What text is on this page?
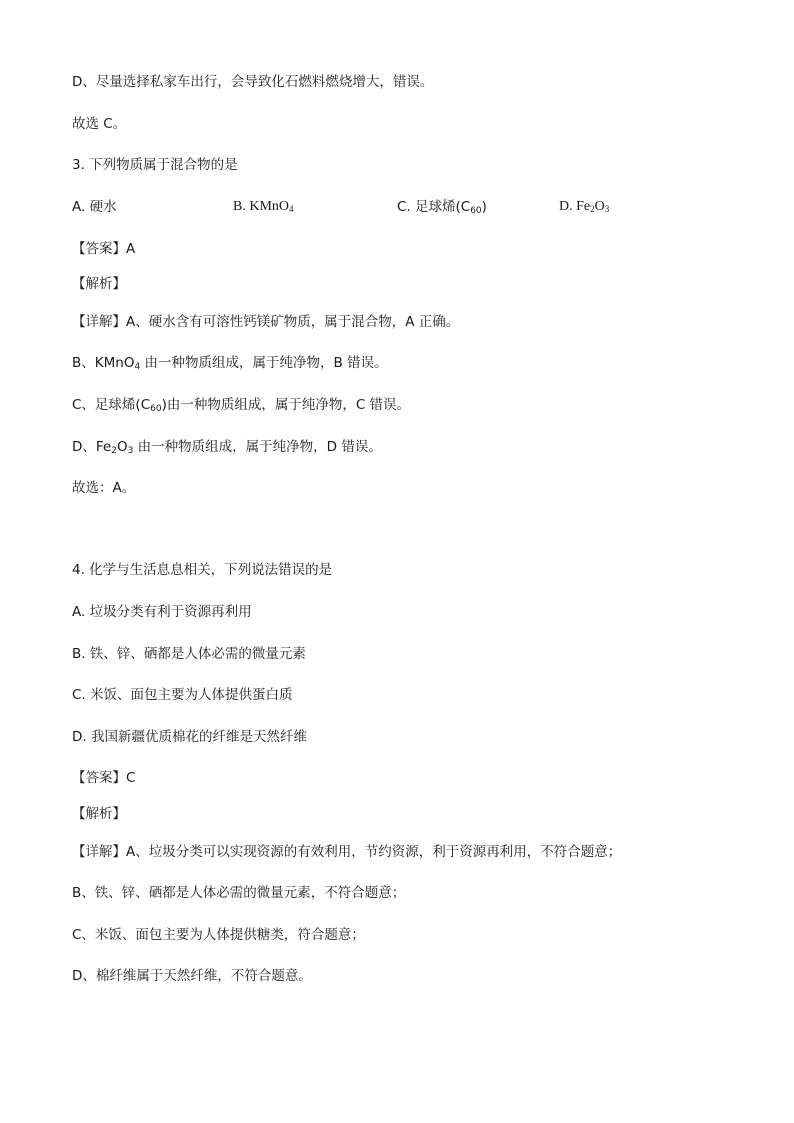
D、尽量选择私家车出行，会导致化石燃料燃烧增大，错误。
故选 C。
3. 下列物质属于混合物的是
A. 硬水	B. KMnO$_4$	C. 足球烯$(C_{60})$	D. $Fe_2O_3$
【答案】A
【解析】
【详解】A、硬水含有可溶性钙镁矿物质，属于混合物，A 正确。
B、KMnO$_4$ 由一种物质组成，属于纯净物，B 错误。
C、足球烯$(C_{60})$由一种物质组成，属于纯净物，C 错误。
D、$Fe_2O_3$ 由一种物质组成，属于纯净物，D 错误。
故选：A。
4. 化学与生活息息相关，下列说法错误的是
A. 垃圾分类有利于资源再利用
B. 铁、锌、硒都是人体必需的微量元素
C. 米饭、面包主要为人体提供蛋白质
D. 我国新疆优质棉花的纤维是天然纤维
【答案】C
【解析】
【详解】A、垃圾分类可以实现资源的有效利用，节约资源，利于资源再利用，不符合题意；
B、铁、锌、硒都是人体必需的微量元素，不符合题意；
C、米饭、面包主要为人体提供糖类，符合题意；
D、棉纤维属于天然纤维，不符合题意。
